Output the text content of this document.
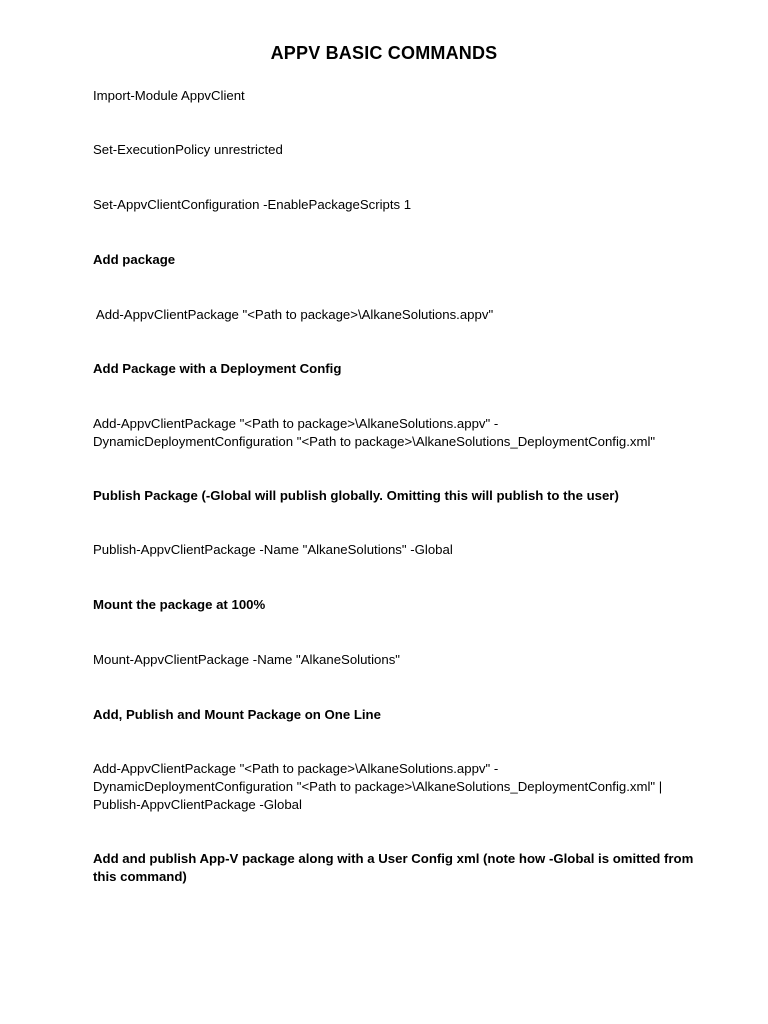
APPV BASIC COMMANDS

Import-Module AppvClient

Set-ExecutionPolicy unrestricted

Set-AppvClientConfiguration -EnablePackageScripts 1

Add package

Add-AppvClientPackage "<Path to package>\AlkaneSolutions.appv"

Add Package with a Deployment Config

Add-AppvClientPackage "<Path to package>\AlkaneSolutions.appv" -

DynamicDeploymentConfiguration "<Path to package>\AlkaneSolutions_DeploymentConfig.xml"

Publish Package (-Global will publish globally. Omitting this will publish to the user)

Publish-AppvClientPackage -Name "AlkaneSolutions" -Global

Mount the package at 100%

Mount-AppvClientPackage -Name "AlkaneSolutions"

Add, Publish and Mount Package on One Line

Add-AppvClientPackage "<Path to package>\AlkaneSolutions.appv" -

DynamicDeploymentConfiguration "<Path to package>\AlkaneSolutions_DeploymentConfig.xml" |

Publish-AppvClientPackage -Global

Add and publish App-V package along with a User Config xml (note how -Global is omitted from

this command)
